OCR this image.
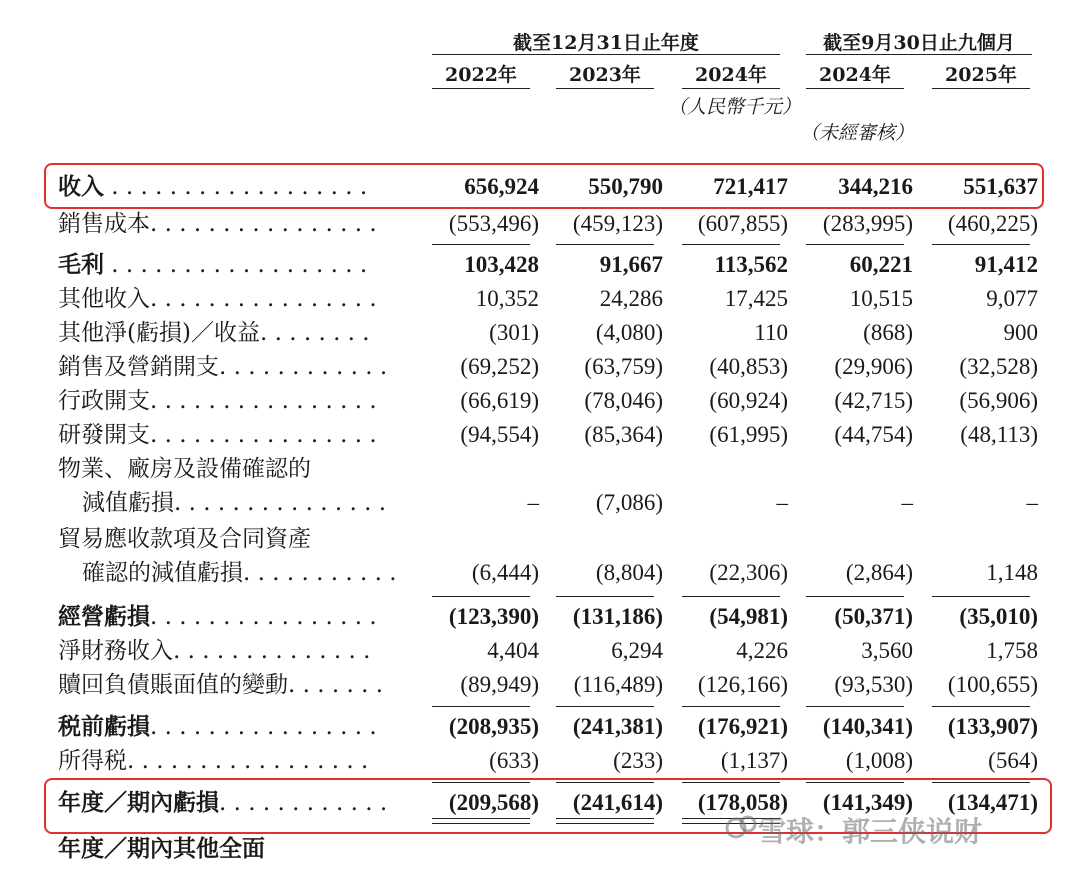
截至12月31日止年度	截至9月30日止九個月
2022年	2023年	2024年	2024年	2025年
（人民幣千元）
（未經審核）
收入 . . . . . . . . . . . . . . . . . .	656,924	550,790	721,417	344,216	551,637
銷售成本. . . . . . . . . . . . . . . .	(553,496)	(459,123)	(607,855)	(283,995)	(460,225)
毛利 . . . . . . . . . . . . . . . . . .	103,428	91,667	113,562	60,221	91,412
其他收入. . . . . . . . . . . . . . . .	10,352	24,286	17,425	10,515	9,077
其他淨(虧損)／收益. . . . . . . .	(301)	(4,080)	110	(868)	900
銷售及營銷開支. . . . . . . . . . . .	(69,252)	(63,759)	(40,853)	(29,906)	(32,528)
行政開支. . . . . . . . . . . . . . . .	(66,619)	(78,046)	(60,924)	(42,715)	(56,906)
研發開支. . . . . . . . . . . . . . . .	(94,554)	(85,364)	(61,995)	(44,754)	(48,113)
物業、廠房及設備確認的
減值虧損. . . . . . . . . . . . . . .	–	(7,086)	–	–	–
貿易應收款項及合同資產
確認的減值虧損. . . . . . . . . . .	(6,444)	(8,804)	(22,306)	(2,864)	1,148
經營虧損. . . . . . . . . . . . . . . .	(123,390)	(131,186)	(54,981)	(50,371)	(35,010)
淨財務收入. . . . . . . . . . . . . .	4,404	6,294	4,226	3,560	1,758
贖回負債賬面值的變動. . . . . . .	(89,949)	(116,489)	(126,166)	(93,530)	(100,655)
税前虧損. . . . . . . . . . . . . . . .	(208,935)	(241,381)	(176,921)	(140,341)	(133,907)
所得税. . . . . . . . . . . . . . . . .	(633)	(233)	(1,137)	(1,008)	(564)
年度／期內虧損. . . . . . . . . . . .	(209,568)	(241,614)	(178,058)	(141,349)	(134,471)
年度／期內其他全面
雪球：郭三侠说财
